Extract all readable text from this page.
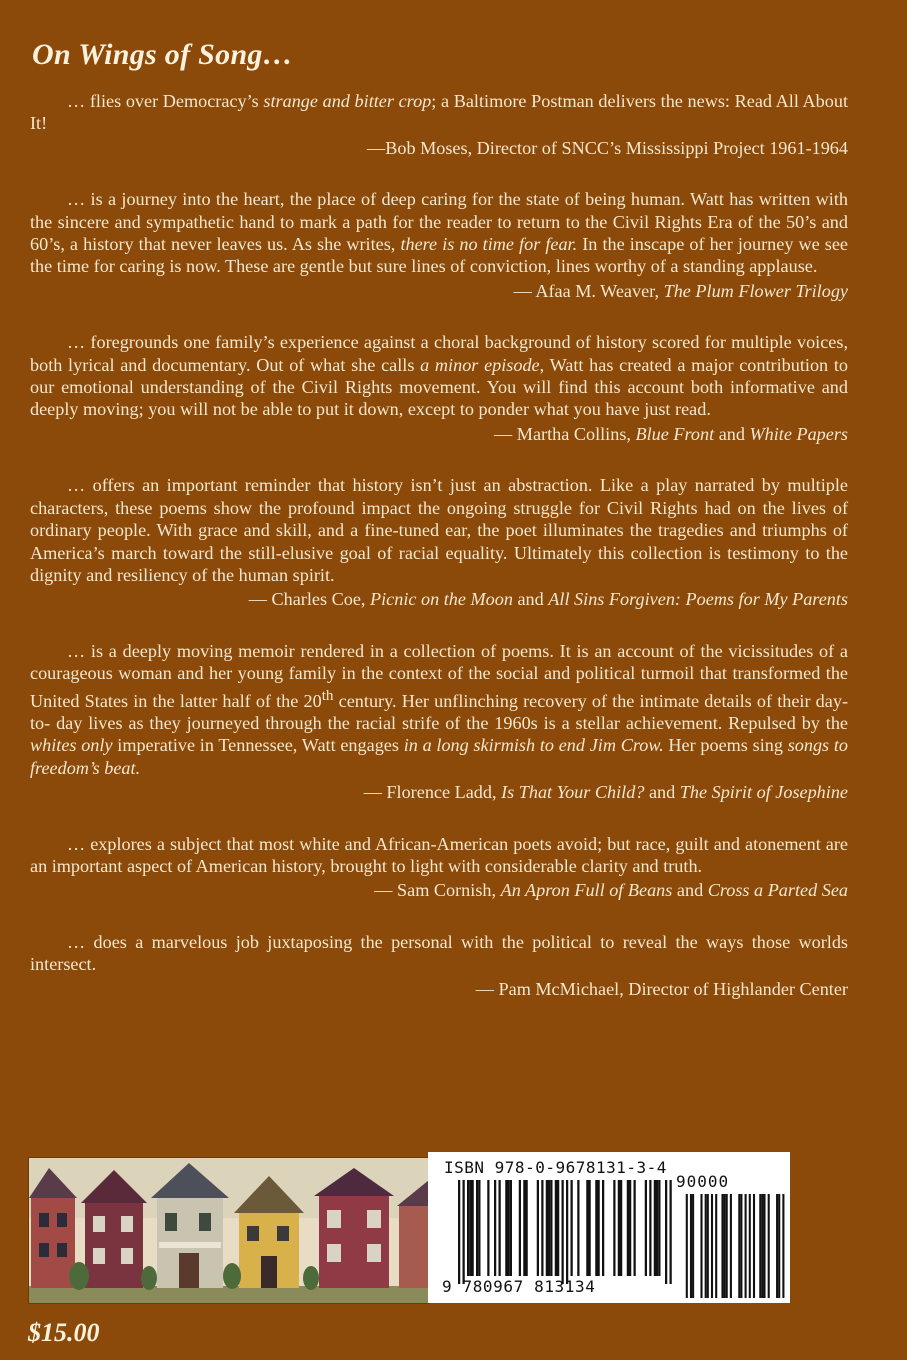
On Wings of Song…

… flies over Democracy’s strange and bitter crop; a Baltimore Postman delivers the news: Read All About It!

—Bob Moses, Director of SNCC’s Mississippi Project 1961-1964

… is a journey into the heart, the place of deep caring for the state of being human. Watt has written with the sincere and sympathetic hand to mark a path for the reader to return to the Civil Rights Era of the 50’s and 60’s, a history that never leaves us. As she writes, there is no time for fear. In the inscape of her journey we see the time for caring is now. These are gentle but sure lines of conviction, lines worthy of a standing applause.

— Afaa M. Weaver, The Plum Flower Trilogy

… foregrounds one family’s experience against a choral background of history scored for multiple voices, both lyrical and documentary. Out of what she calls a minor episode, Watt has created a major contribution to our emotional understanding of the Civil Rights movement. You will find this account both informative and deeply moving; you will not be able to put it down, except to ponder what you have just read.

— Martha Collins, Blue Front and White Papers

… offers an important reminder that history isn’t just an abstraction. Like a play narrated by multiple characters, these poems show the profound impact the ongoing struggle for Civil Rights had on the lives of ordinary people. With grace and skill, and a fine-tuned ear, the poet illuminates the tragedies and triumphs of America’s march toward the still-elusive goal of racial equality. Ultimately this collection is testimony to the dignity and resiliency of the human spirit.

— Charles Coe, Picnic on the Moon and All Sins Forgiven: Poems for My Parents

… is a deeply moving memoir rendered in a collection of poems. It is an account of the vicissitudes of a courageous woman and her young family in the context of the social and political turmoil that transformed the United States in the latter half of the 20th century. Her unflinching recovery of the intimate details of their day-to- day lives as they journeyed through the racial strife of the 1960s is a stellar achievement. Repulsed by the whites only imperative in Tennessee, Watt engages in a long skirmish to end Jim Crow. Her poems sing songs to freedom’s beat.

— Florence Ladd, Is That Your Child? and The Spirit of Josephine

… explores a subject that most white and African-American poets avoid; but race, guilt and atonement are an important aspect of American history, brought to light with considerable clarity and truth.

— Sam Cornish, An Apron Full of Beans and Cross a Parted Sea

… does a marvelous job juxtaposing the personal with the political to reveal the ways those worlds intersect.

— Pam McMichael, Director of Highlander Center
ISBN 978-0-9678131-3-4
90000
9 780967 813134
$15.00
